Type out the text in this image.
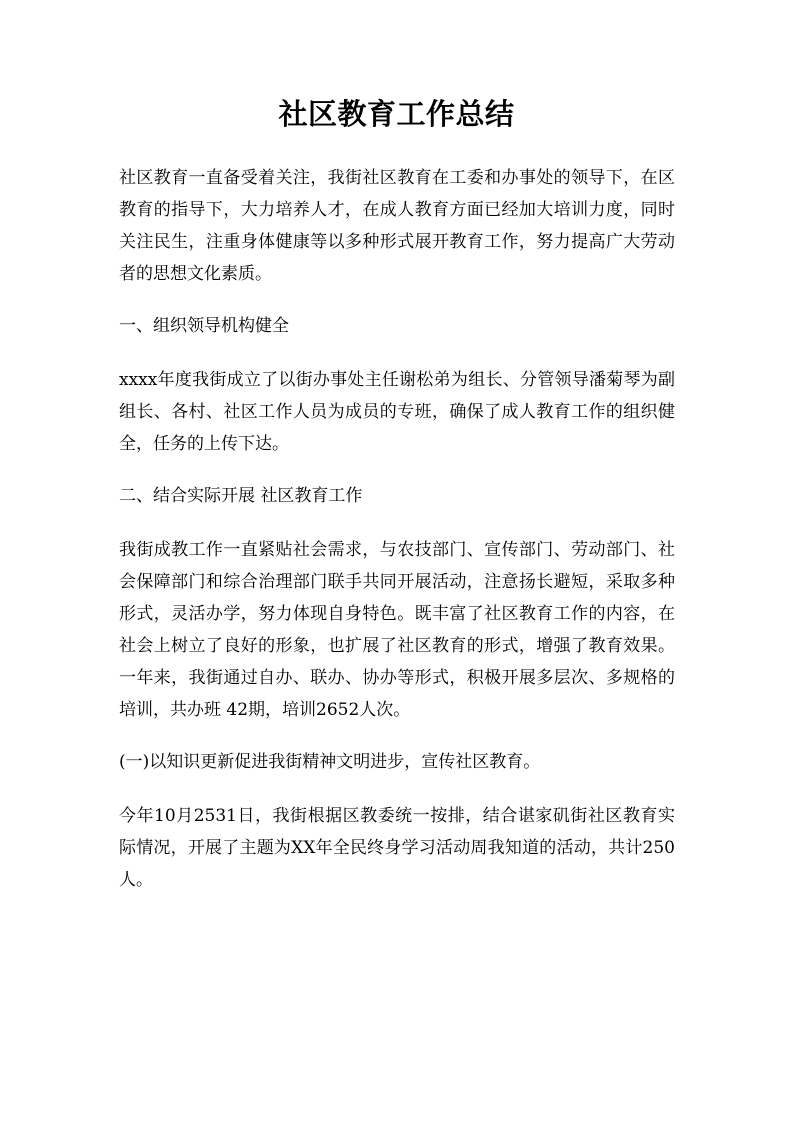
社区教育工作总结

社区教育一直备受着关注，我街社区教育在工委和办事处的领导下，在区教育的指导下，大力培养人才，在成人教育方面已经加大培训力度，同时关注民生，注重身体健康等以多种形式展开教育工作，努力提高广大劳动者的思想文化素质。

一、组织领导机构健全

xxxx年度我街成立了以街办事处主任谢松弟为组长、分管领导潘菊琴为副组长、各村、社区工作人员为成员的专班，确保了成人教育工作的组织健全，任务的上传下达。

二、结合实际开展 社区教育工作

我街成教工作一直紧贴社会需求，与农技部门、宣传部门、劳动部门、社会保障部门和综合治理部门联手共同开展活动，注意扬长避短，采取多种形式，灵活办学，努力体现自身特色。既丰富了社区教育工作的内容，在社会上树立了良好的形象，也扩展了社区教育的形式，增强了教育效果。一年来，我街通过自办、联办、协办等形式，积极开展多层次、多规格的培训，共办班 42期，培训2652人次。

(一)以知识更新促进我街精神文明进步，宣传社区教育。

今年10月2531日，我街根据区教委统一按排，结合谌家矶街社区教育实际情况，开展了主题为XX年全民终身学习活动周我知道的活动，共计250人。
